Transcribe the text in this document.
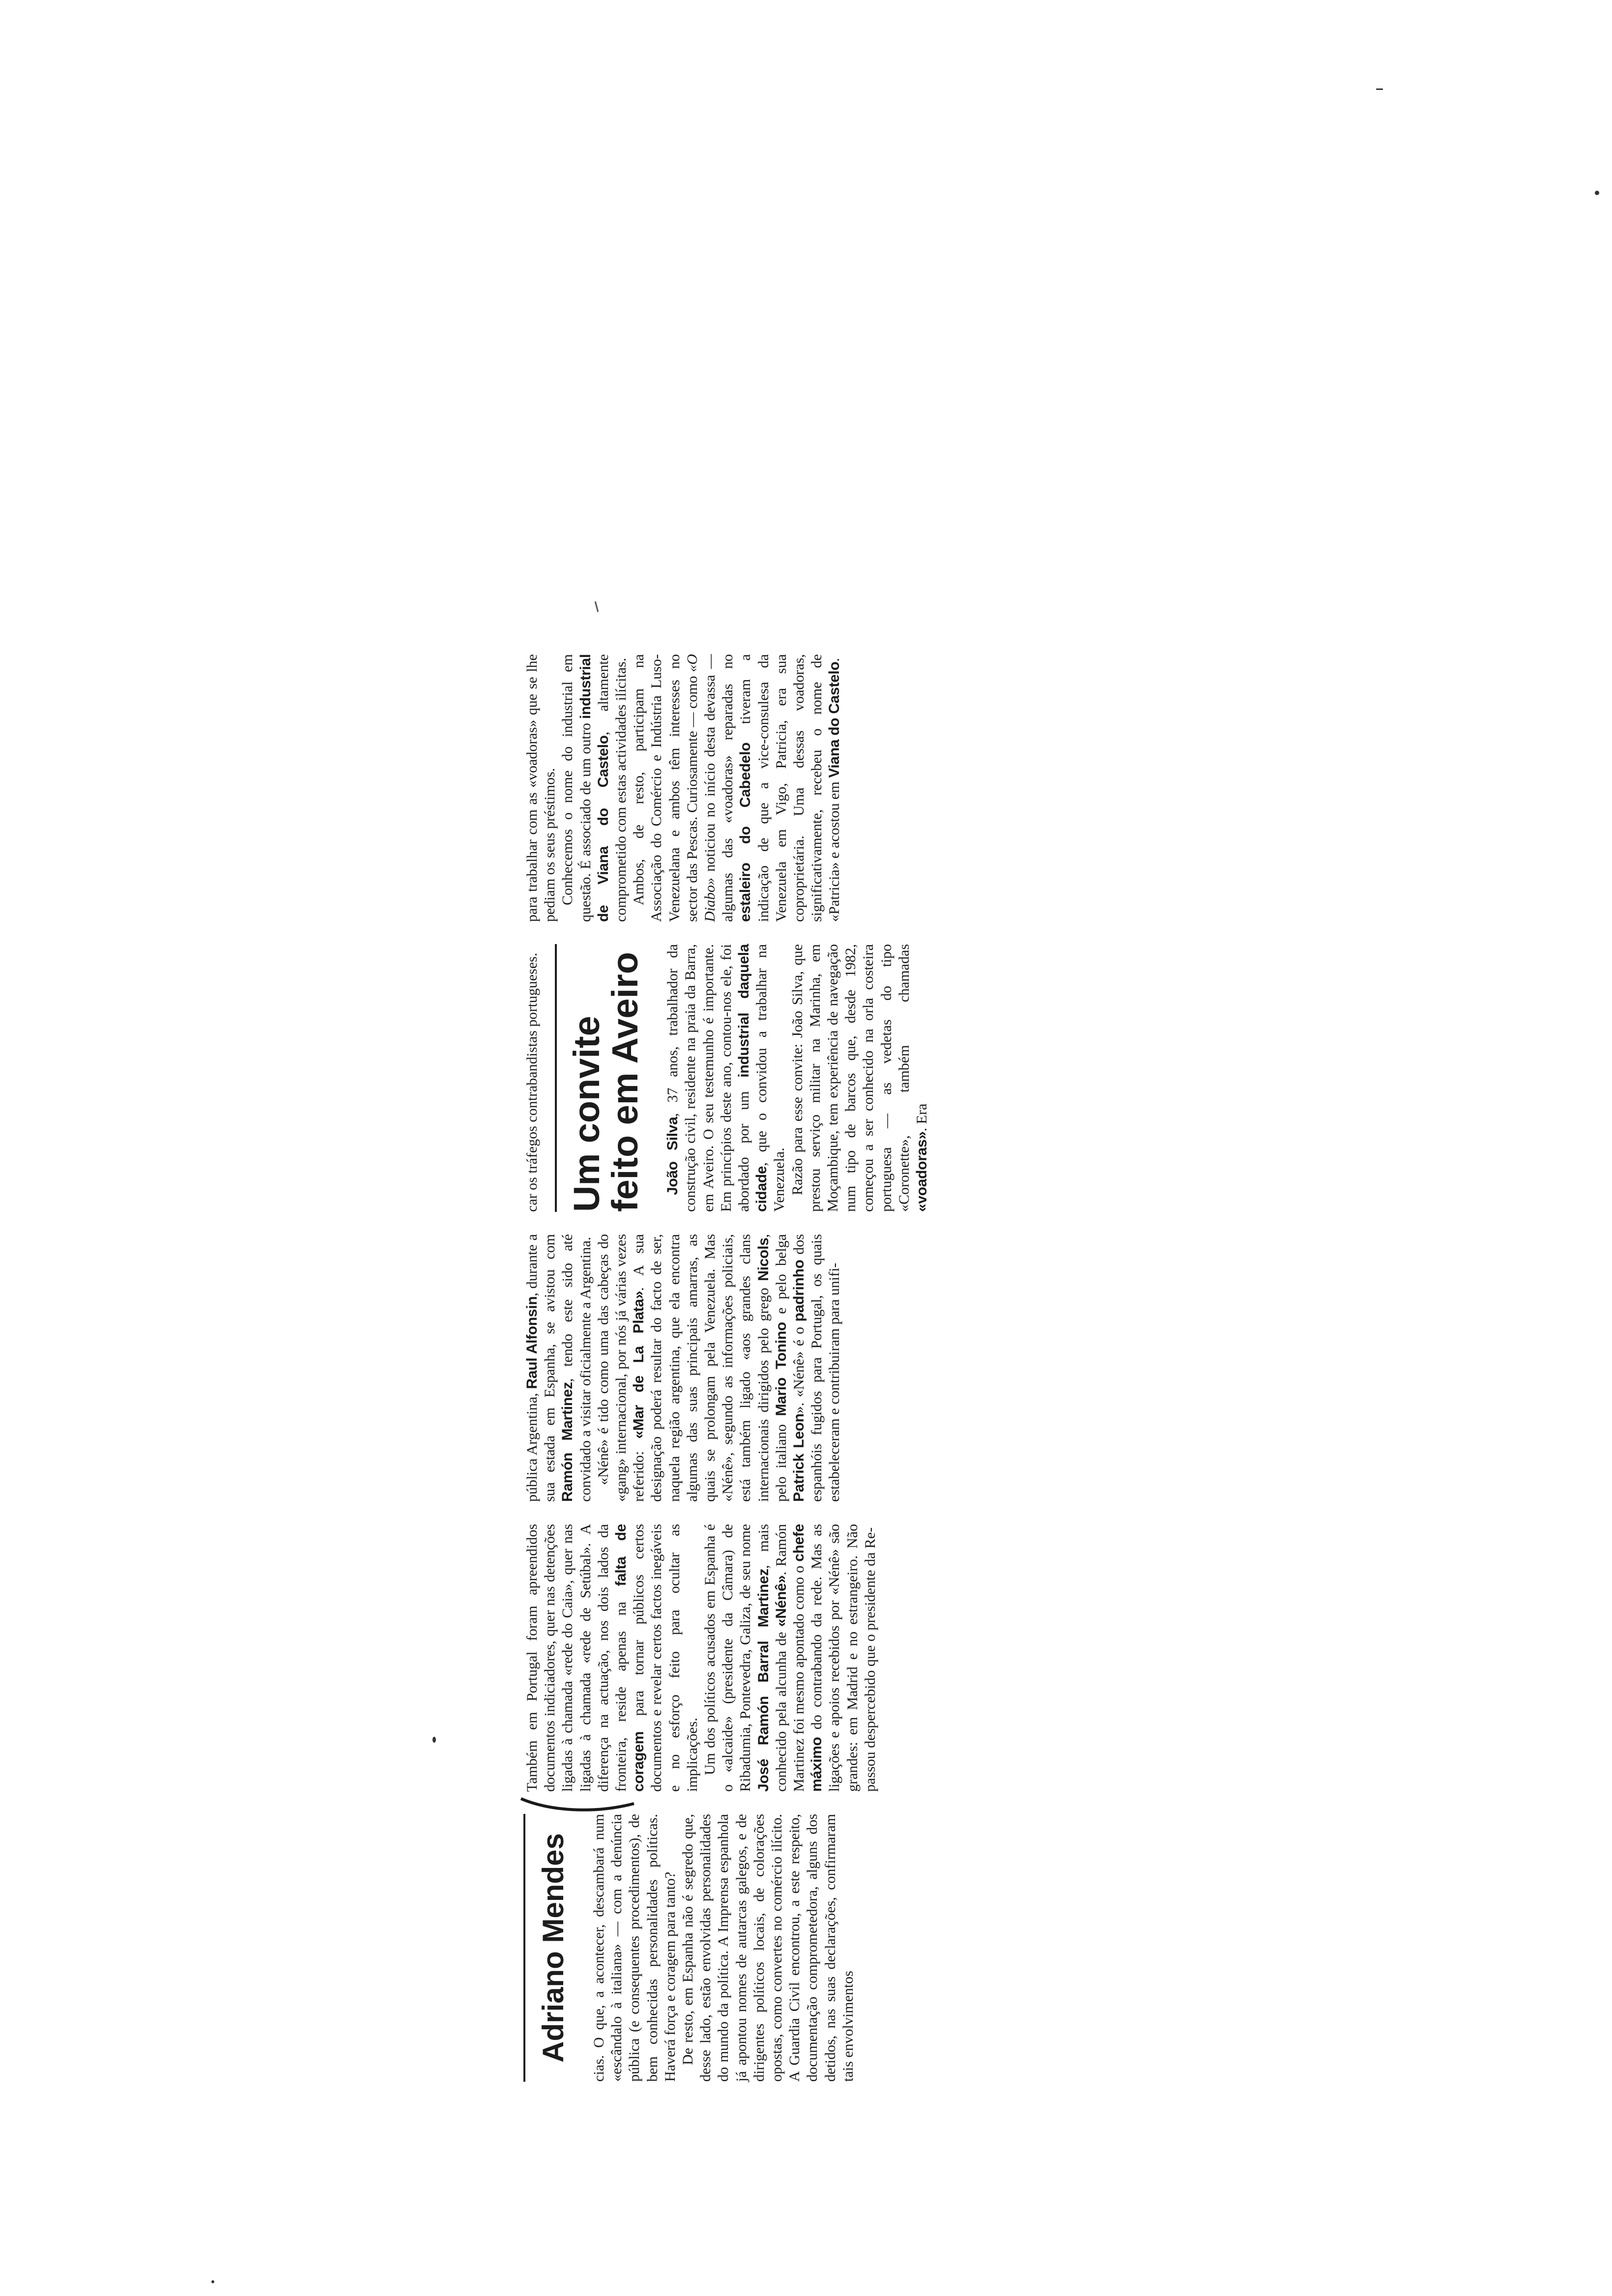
Adriano Mendes cias. O que, a acontecer, descambará num «escândalo à italiana» — com a denúncia pública (e consequentes procedimentos), de bem conhecidas personalidades políticas. Haverá força e coragem para tanto? De resto, em Espanha não é segredo que, desse lado, estão envolvidas personalidades do mundo da política. A Imprensa espanhola já apontou nomes de autarcas galegos, e de dirigentes políticos locais, de colorações opostas, como convertes no comércio ilícito. A Guardia Civil encontrou, a este respeito, documentação comprometedora, alguns dos detidos, nas suas declarações, confirmaram tais envolvimentos

Também em Portugal foram apreendidos documentos indiciadores, quer nas detenções ligadas à chamada «rede do Caia», quer nas ligadas à chamada «rede de Setúbal». A diferença na actuação, nos dois lados da fronteira, reside apenas na falta de coragem para tornar públicos certos documentos e revelar certos factos inegáveis e no esforço feito para ocultar as implicações. Um dos políticos acusados em Espanha é o «alcaide» (presidente da Câmara) de Ribadumia, Pontevedra, Galiza, de seu nome José Ramón Barral Martinez, mais conhecido pela alcunha de «Nénê». Ramón Martinez foi mesmo apontado como o chefe máximo do contrabando da rede. Mas as ligações e apoios recebidos por «Nénê» são grandes: em Madrid e no estrangeiro. Não passou despercebido que o presidente da Re-

pública Argentina, Raul Alfonsin, durante a sua estada em Espanha, se avistou com Ramón Martinez, tendo este sido até convidado a visitar oficialmente a Argentina. «Nénê» é tido como uma das cabeças do «gang» internacional, por nós já várias vezes referido: «Mar de La Plata». A sua designação poderá resultar do facto de ser, naquela região argentina, que ela encontra algumas das suas principais amarras, as quais se prolongam pela Venezuela. Mas «Nénê», segundo as informações policiais, está também ligado «aos grandes clans internacionais dirigidos pelo grego Nicols, pelo italiano Mario Tonino e pelo belga Patrick Leon». «Nénê» é o padrinho dos espanhóis fugidos para Portugal, os quais estabeleceram e contribuiram para unifi-

car os tráfegos contrabandistas portugueses. Um convite feito em Aveiro João Silva, 37 anos, trabalhador da construção civil, residente na praia da Barra, em Aveiro. O seu testemunho é importante. Em princípios deste ano, contou-nos ele, foi abordado por um industrial daquela cidade, que o convidou a trabalhar na Venezuela. Razão para esse convite: João Silva, que prestou serviço militar na Marinha, em Moçambique, tem experiência de navegação num tipo de barcos que, desde 1982, começou a ser conhecido na orla costeira portuguesa — as vedetas do tipo «Coronette», também chamadas «voadoras». Era

para trabalhar com as «voadoras» que se lhe pediam os seus préstimos. Conhecemos o nome do industrial em questão. É associado de um outro industrial de Viana do Castelo, altamente comprometido com estas actividades ilícitas. Ambos, de resto, participam na Associação do Comércio e Indústria Luso-Venezuelana e ambos têm interesses no sector das Pescas. Curiosamente — como «O Diabo» noticiou no início desta devassa — algumas das «voadoras» reparadas no estaleiro do Cabedelo tiveram a indicação de que a vice-consulesa da Venezuela em Vigo, Patricia, era sua coproprietária. Uma dessas voadoras, significativamente, recebeu o nome de «Patricia» e acostou em Viana do Castelo.
